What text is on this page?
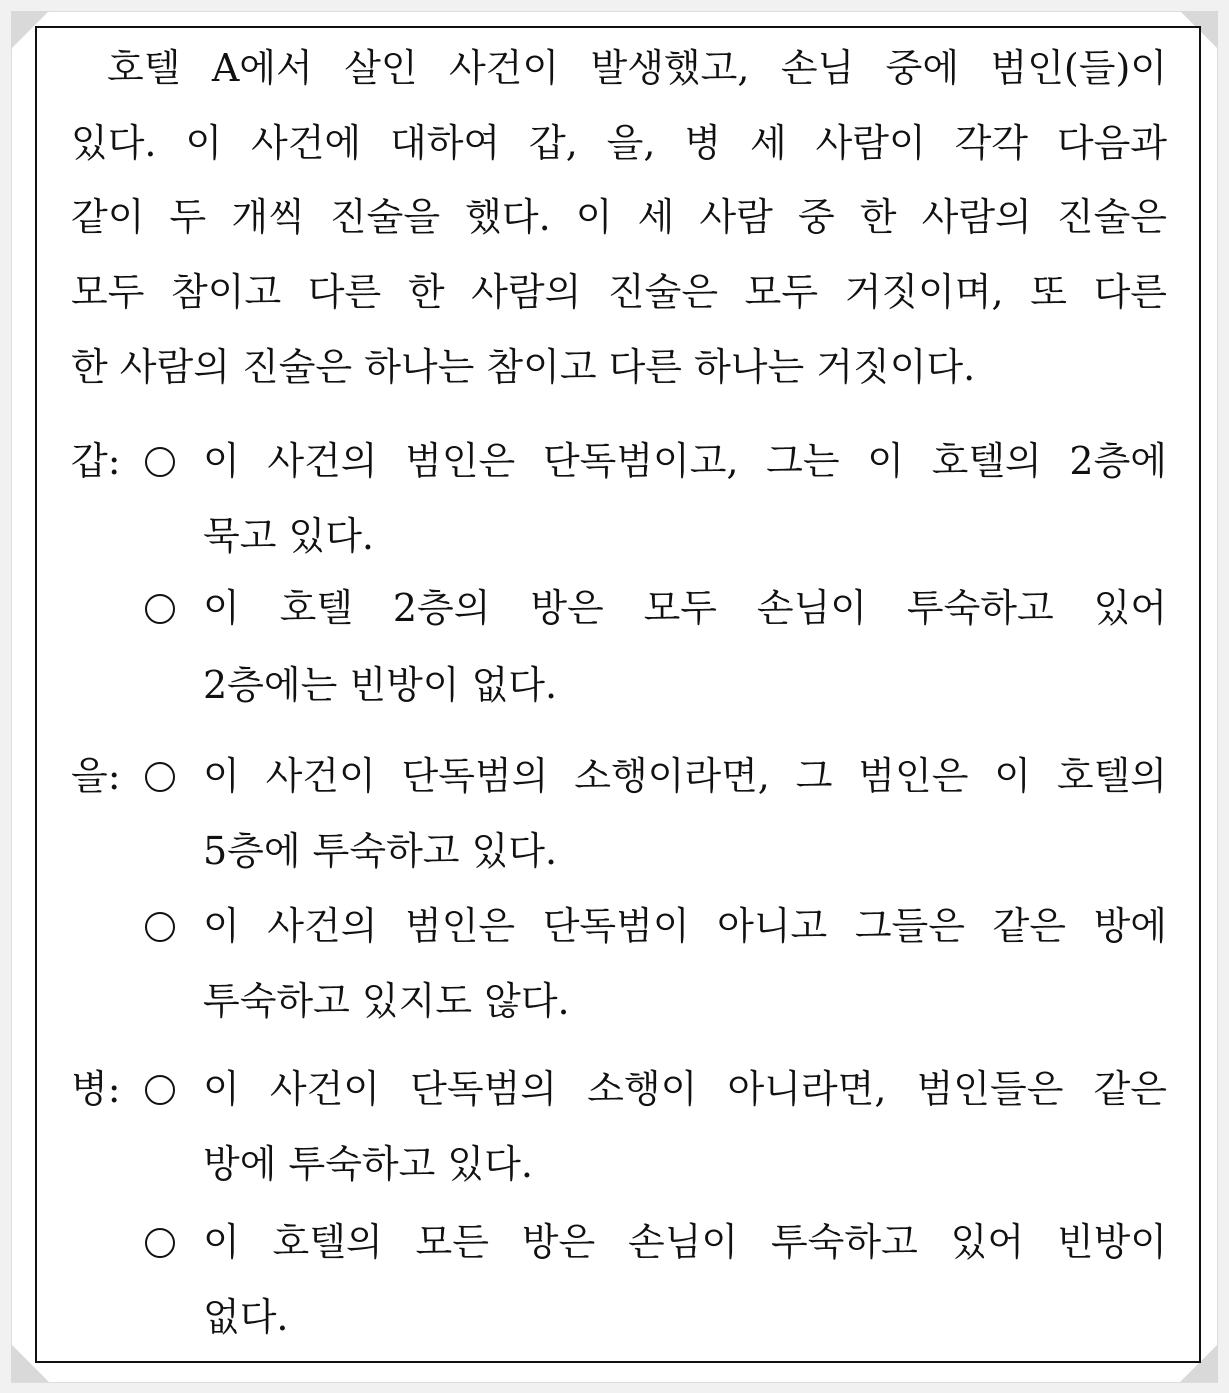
호텔 A에서 살인 사건이 발생했고, 손님 중에 범인(들)이
있다. 이 사건에 대하여 갑, 을, 병 세 사람이 각각 다음과
같이 두 개씩 진술을 했다. 이 세 사람 중 한 사람의 진술은
모두 참이고 다른 한 사람의 진술은 모두 거짓이며, 또 다른
한 사람의 진술은 하나는 참이고 다른 하나는 거짓이다.
갑: 이 사건의 범인은 단독범이고, 그는 이 호텔의 2층에
묵고 있다.
이 호텔 2층의 방은 모두 손님이 투숙하고 있어
2층에는 빈방이 없다.
을: 이 사건이 단독범의 소행이라면, 그 범인은 이 호텔의
5층에 투숙하고 있다.
이 사건의 범인은 단독범이 아니고 그들은 같은 방에
투숙하고 있지도 않다.
병: 이 사건이 단독범의 소행이 아니라면, 범인들은 같은
방에 투숙하고 있다.
이 호텔의 모든 방은 손님이 투숙하고 있어 빈방이
없다.
